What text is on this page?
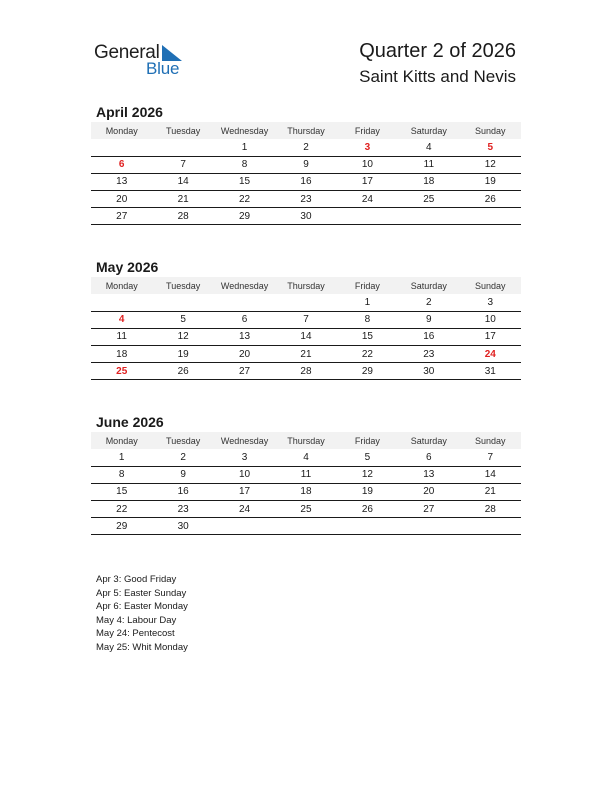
General
Blue
Quarter 2 of 2026
Saint Kitts and Nevis
April 2026
Monday	Tuesday	Wednesday	Thursday	Friday	Saturday	Sunday
		1	2	3	4	5
6	7	8	9	10	11	12
13	14	15	16	17	18	19
20	21	22	23	24	25	26
27	28	29	30			
May 2026
Monday	Tuesday	Wednesday	Thursday	Friday	Saturday	Sunday
				1	2	3
4	5	6	7	8	9	10
11	12	13	14	15	16	17
18	19	20	21	22	23	24
25	26	27	28	29	30	31
June 2026
Monday	Tuesday	Wednesday	Thursday	Friday	Saturday	Sunday
1	2	3	4	5	6	7
8	9	10	11	12	13	14
15	16	17	18	19	20	21
22	23	24	25	26	27	28
29	30					
Apr 3: Good Friday
Apr 5: Easter Sunday
Apr 6: Easter Monday
May 4: Labour Day
May 24: Pentecost
May 25: Whit Monday
